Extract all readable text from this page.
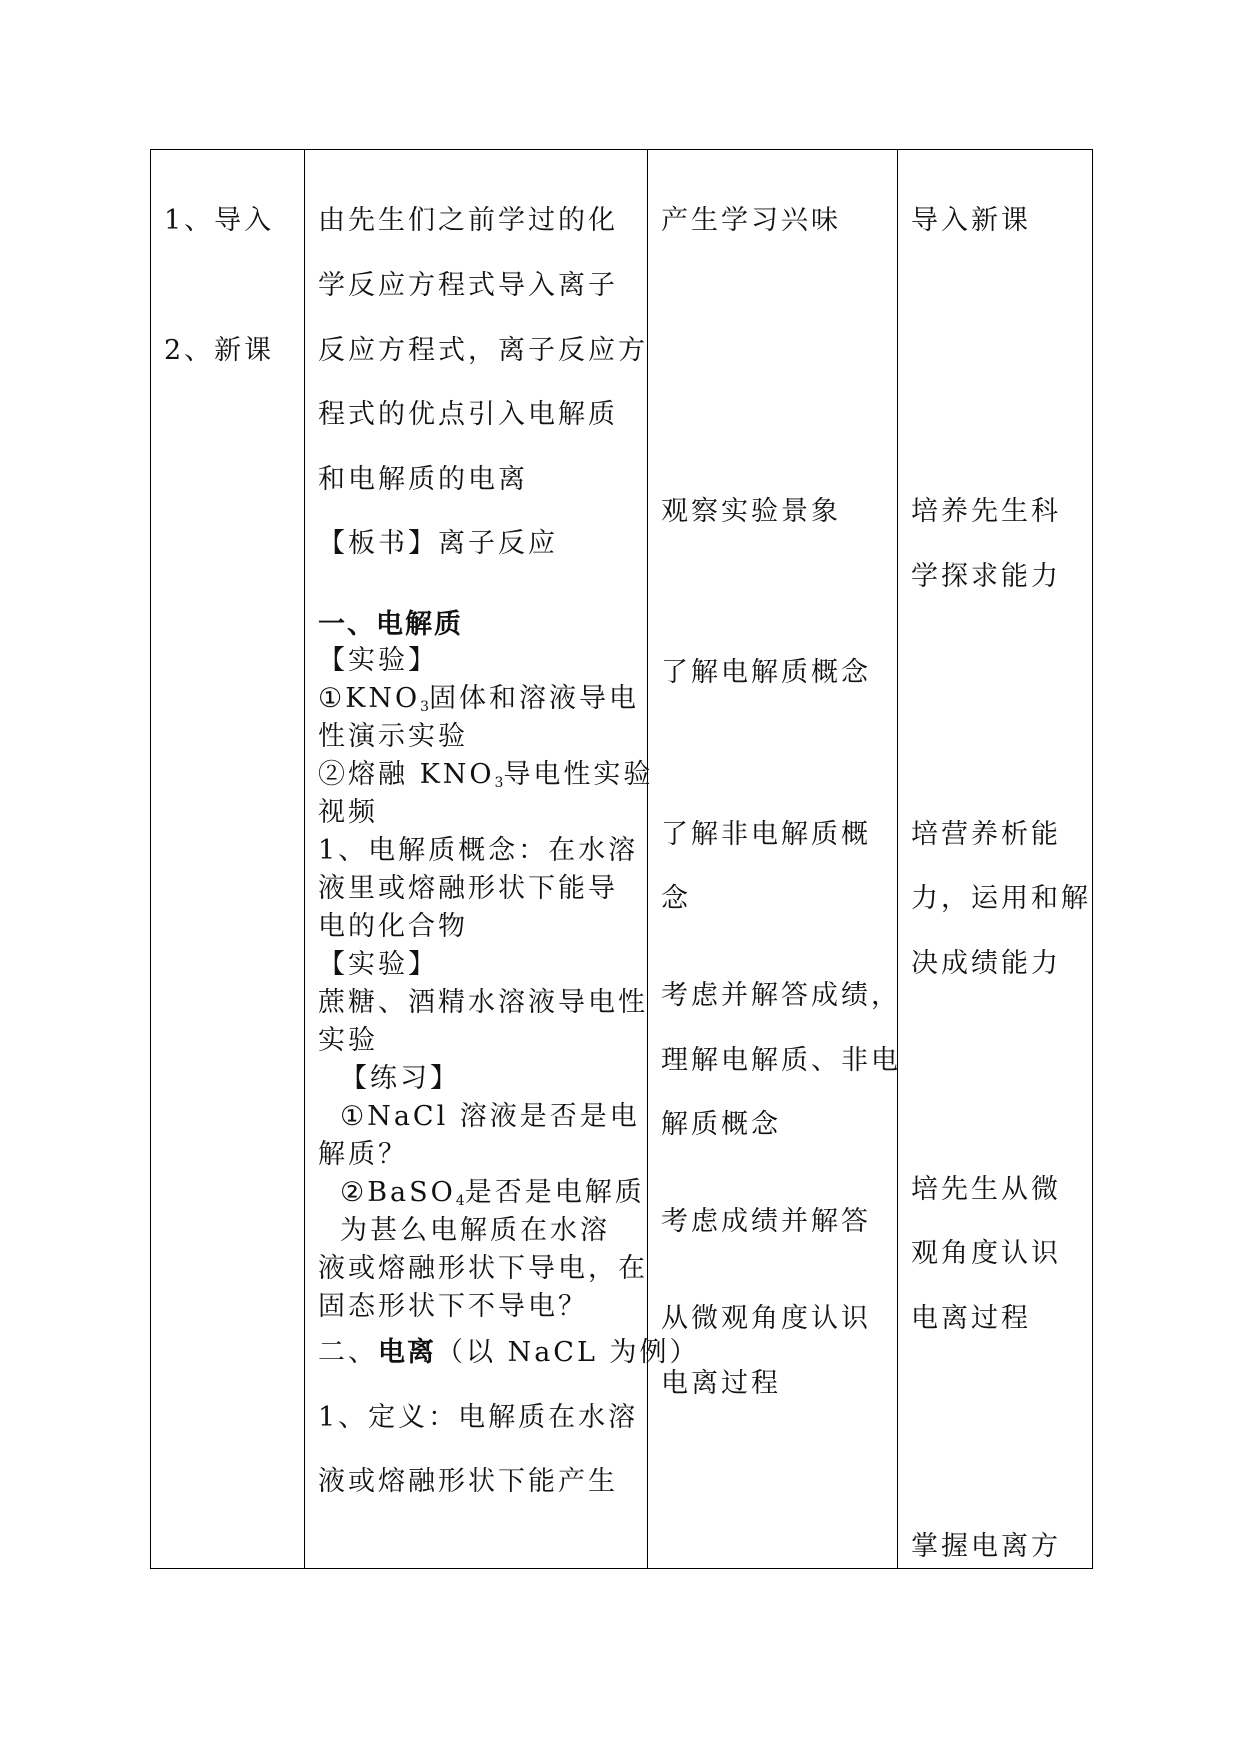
1、导入
2、新课
由先生们之前学过的化
学反应方程式导入离子
反应方程式，离子反应方
程式的优点引入电解质
和电解质的电离
【板书】离子反应
一、电解质
【实验】
$①KNO_3$固体和溶液导电
性演示实验
②熔融 $KNO_3$导电性实验
视频
1、电解质概念：在水溶
液里或熔融形状下能导
电的化合物
【实验】
蔗糖、酒精水溶液导电性
实验
【练习】
①NaCl 溶液是否是电
解质？
②BaSO$_4$是否是电解质
为甚么电解质在水溶
液或熔融形状下导电，在
固态形状下不导电？
二、电离（以 NaCL 为例）
1、定义：电解质在水溶
液或熔融形状下能产生
产生学习兴味
观察实验景象
了解电解质概念
了解非电解质概
念
考虑并解答成绩，
理解电解质、非电
解质概念
考虑成绩并解答
从微观角度认识
电离过程
导入新课
培养先生科
学探求能力
培营养析能
力，运用和解
决成绩能力
培先生从微
观角度认识
电离过程
掌握电离方
